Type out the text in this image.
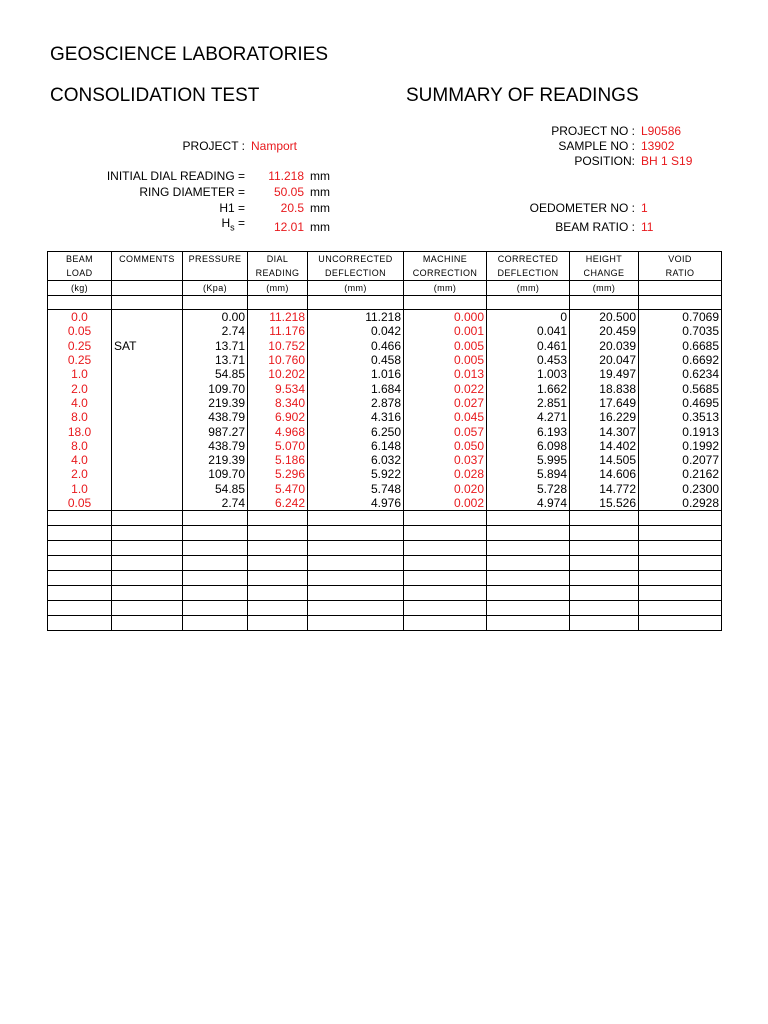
GEOSCIENCE LABORATORIES
CONSOLIDATION TEST	SUMMARY OF READINGS
PROJECT : Namport
INITIAL DIAL READING = 11.218 mm
RING DIAMETER = 50.05 mm
H1 =	20.5 mm
$H_s = 12.01$ mm
PROJECT NO : L90586
SAMPLE NO : 13902
POSITION: BH 1 S19
OEDOMETER NO : 1
BEAM RATIO : 11
BEAM	COMMENTS	PRESSURE	DIAL	UNCORRECTED	MACHINE	CORRECTED	HEIGHT	VOID
LOAD			READING	DEFLECTION	CORRECTION	DEFLECTION	CHANGE	RATIO
(kg)		(Kpa)	(mm)	(mm)	(mm)	(mm)	(mm)	

0.0		0.00	11.218	11.218	0.000	0	20.500	0.7069
0.05		2.74	11.176	0.042	0.001	0.041	20.459	0.7035
0.25	SAT	13.71	10.752	0.466	0.005	0.461	20.039	0.6685
0.25		13.71	10.760	0.458	0.005	0.453	20.047	0.6692
1.0		54.85	10.202	1.016	0.013	1.003	19.497	0.6234
2.0		109.70	9.534	1.684	0.022	1.662	18.838	0.5685
4.0		219.39	8.340	2.878	0.027	2.851	17.649	0.4695
8.0		438.79	6.902	4.316	0.045	4.271	16.229	0.3513
18.0		987.27	4.968	6.250	0.057	6.193	14.307	0.1913
8.0		438.79	5.070	6.148	0.050	6.098	14.402	0.1992
4.0		219.39	5.186	6.032	0.037	5.995	14.505	0.2077
2.0		109.70	5.296	5.922	0.028	5.894	14.606	0.2162
1.0		54.85	5.470	5.748	0.020	5.728	14.772	0.2300
0.05		2.74	6.242	4.976	0.002	4.974	15.526	0.2928
